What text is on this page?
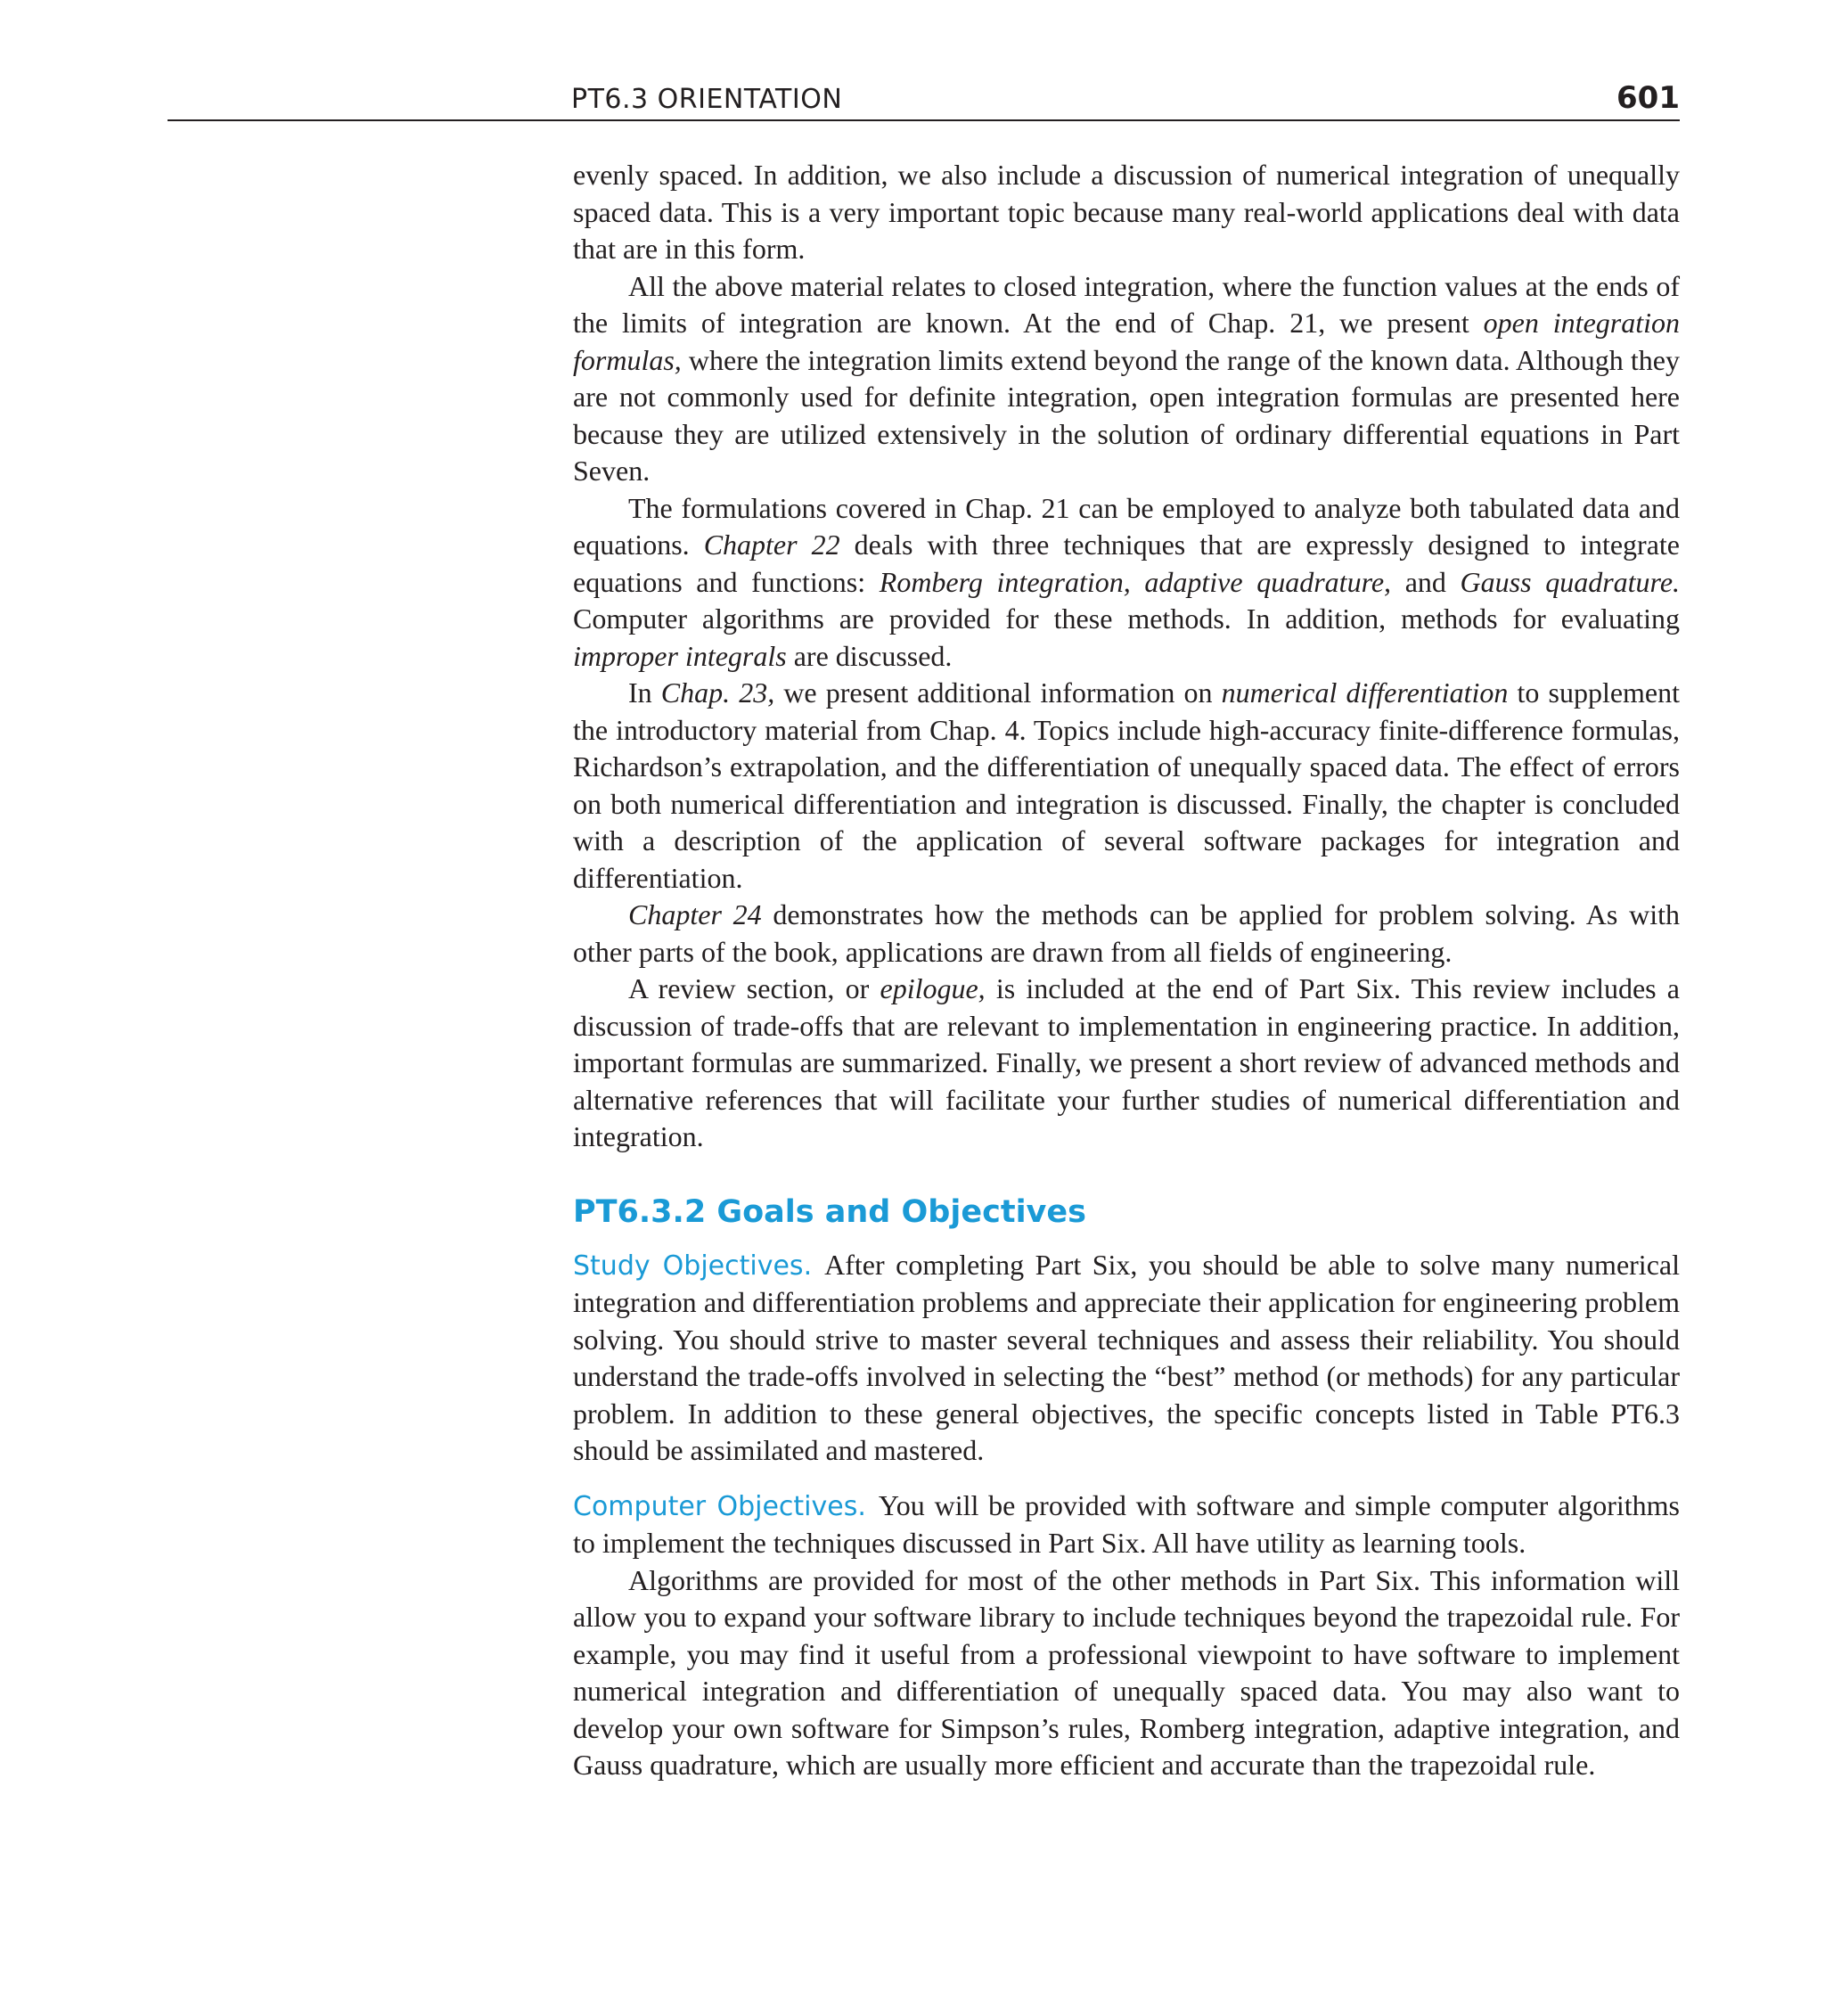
PT6.3 ORIENTATION	601

evenly spaced. In addition, we also include a discussion of numerical integration of unequally spaced data. This is a very important topic because many real-world applications deal with data that are in this form.

All the above material relates to closed integration, where the function values at the ends of the limits of integration are known. At the end of Chap. 21, we present open integration formulas, where the integration limits extend beyond the range of the known data. Although they are not commonly used for definite integration, open integration formulas are presented here because they are utilized extensively in the solution of ordinary differential equations in Part Seven.

The formulations covered in Chap. 21 can be employed to analyze both tabulated data and equations. Chapter 22 deals with three techniques that are expressly designed to integrate equations and functions: Romberg integration, adaptive quadrature, and Gauss quadrature. Computer algorithms are provided for these methods. In addition, methods for evaluating improper integrals are discussed.

In Chap. 23, we present additional information on numerical differentiation to supplement the introductory material from Chap. 4. Topics include high-accuracy finite-difference formulas, Richardson’s extrapolation, and the differentiation of unequally spaced data. The effect of errors on both numerical differentiation and integration is discussed. Finally, the chapter is concluded with a description of the application of several software packages for integration and differentiation.

Chapter 24 demonstrates how the methods can be applied for problem solving. As with other parts of the book, applications are drawn from all fields of engineering.

A review section, or epilogue, is included at the end of Part Six. This review includes a discussion of trade-offs that are relevant to implementation in engineering practice. In addition, important formulas are summarized. Finally, we present a short review of advanced methods and alternative references that will facilitate your further studies of numerical differentiation and integration.

PT6.3.2 Goals and Objectives

Study Objectives. After completing Part Six, you should be able to solve many numerical integration and differentiation problems and appreciate their application for engineering problem solving. You should strive to master several techniques and assess their reliability. You should understand the trade-offs involved in selecting the “best” method (or methods) for any particular problem. In addition to these general objectives, the specific concepts listed in Table PT6.3 should be assimilated and mastered.

Computer Objectives. You will be provided with software and simple computer algorithms to implement the techniques discussed in Part Six. All have utility as learning tools.

Algorithms are provided for most of the other methods in Part Six. This information will allow you to expand your software library to include techniques beyond the trapezoidal rule. For example, you may find it useful from a professional viewpoint to have software to implement numerical integration and differentiation of unequally spaced data. You may also want to develop your own software for Simpson’s rules, Romberg integration, adaptive integration, and Gauss quadrature, which are usually more efficient and accurate than the trapezoidal rule.
